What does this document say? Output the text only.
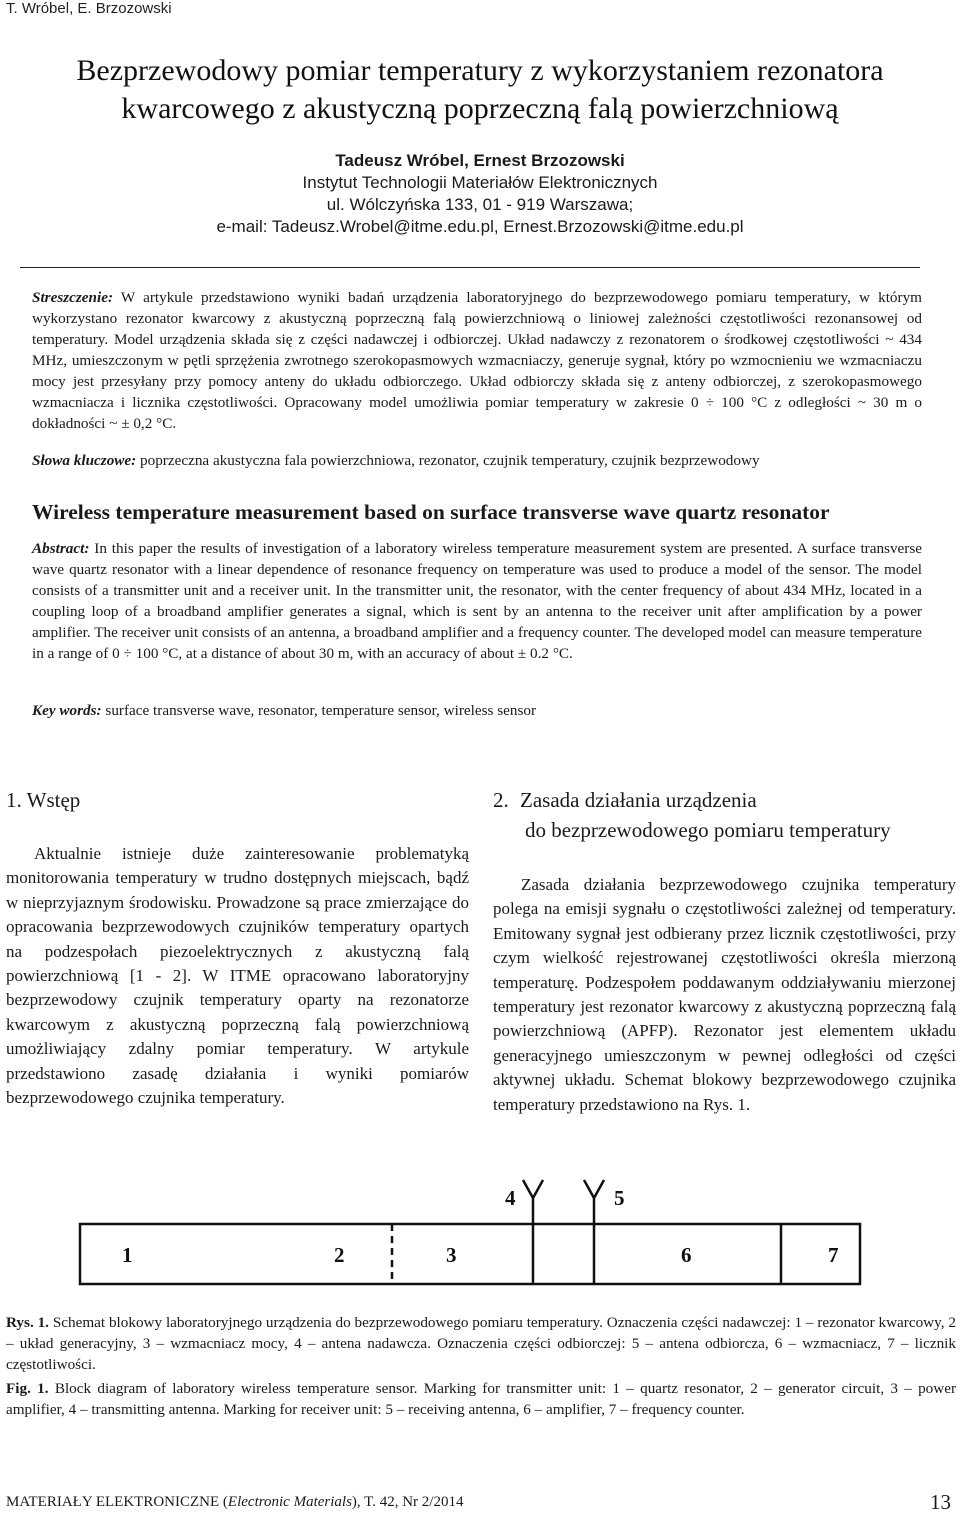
T. Wróbel, E. Brzozowski
Bezprzewodowy pomiar temperatury z wykorzystaniem rezonatora
kwarcowego z akustyczną poprzeczną falą powierzchniową
Tadeusz Wróbel, Ernest Brzozowski
Instytut Technologii Materiałów Elektronicznych
ul. Wólczyńska 133, 01 - 919 Warszawa;
e-mail: Tadeusz.Wrobel@itme.edu.pl, Ernest.Brzozowski@itme.edu.pl
Streszczenie: W artykule przedstawiono wyniki badań urządzenia laboratoryjnego do bezprzewodowego pomiaru temperatury, w którym wykorzystano rezonator kwarcowy z akustyczną poprzeczną falą powierzchniową o liniowej zależności częstotliwości rezonansowej od temperatury. Model urządzenia składa się z części nadawczej i odbiorczej. Układ nadawczy z rezonatorem o środkowej częstotliwości ~ 434 MHz, umieszczonym w pętli sprzężenia zwrotnego szerokopasmowych wzmacniaczy, generuje sygnał, który po wzmocnieniu we wzmacniaczu mocy jest przesyłany przy pomocy anteny do układu odbiorczego. Układ odbiorczy składa się z anteny odbiorczej, z szerokopasmowego wzmacniacza i licznika częstotliwości. Opracowany model umożliwia pomiar temperatury w zakresie 0 ÷ 100 °C z odległości ~ 30 m o dokładności ~ ± 0,2 °C.
Słowa kluczowe: poprzeczna akustyczna fala powierzchniowa, rezonator, czujnik temperatury, czujnik bezprzewodowy
Wireless temperature measurement based on surface transverse wave quartz resonator
Abstract: In this paper the results of investigation of a laboratory wireless temperature measurement system are presented. A surface transverse wave quartz resonator with a linear dependence of resonance frequency on temperature was used to produce a model of the sensor. The model consists of a transmitter unit and a receiver unit. In the transmitter unit, the resonator, with the center frequency of about 434 MHz, located in a coupling loop of a broadband amplifier generates a signal, which is sent by an antenna to the receiver unit after amplification by a power amplifier. The receiver unit consists of an antenna, a broadband amplifier and a frequency counter. The developed model can measure temperature in a range of 0 ÷ 100 °C, at a distance of about 30 m, with an accuracy of about ± 0.2 °C.
Key words: surface transverse wave, resonator, temperature sensor, wireless sensor
1. Wstęp

Aktualnie istnieje duże zainteresowanie problematyką monitorowania temperatury w trudno dostępnych miejscach, bądź w nieprzyjaznym środowisku. Prowadzone są prace zmierzające do opracowania bezprzewodowych czujników temperatury opartych na podzespołach piezoelektrycznych z akustyczną falą powierzchniową [1 - 2]. W ITME opracowano laboratoryjny bezprzewodowy czujnik temperatury oparty na rezonatorze kwarcowym z akustyczną poprzeczną falą powierzchniową umożliwiający zdalny pomiar temperatury. W artykule przedstawiono zasadę działania i wyniki pomiarów bezprzewodowego czujnika temperatury.

2. Zasada działania urządzenia
do bezprzewodowego pomiaru temperatury

Zasada działania bezprzewodowego czujnika temperatury polega na emisji sygnału o częstotliwości zależnej od temperatury. Emitowany sygnał jest odbierany przez licznik częstotliwości, przy czym wielkość rejestrowanej częstotliwości określa mierzoną temperaturę. Podzespołem poddawanym oddziaływaniu mierzonej temperatury jest rezonator kwarcowy z akustyczną poprzeczną falą powierzchniową (APFP). Rezonator jest elementem układu generacyjnego umieszczonym w pewnej odległości od części aktywnej układu. Schemat blokowy bezprzewodowego czujnika temperatury przedstawiono na Rys. 1.

1	2	3
4	5
6	7
Rys. 1. Schemat blokowy laboratoryjnego urządzenia do bezprzewodowego pomiaru temperatury. Oznaczenia części nadawczej: 1 – rezonator kwarcowy, 2 – układ generacyjny, 3 – wzmacniacz mocy, 4 – antena nadawcza. Oznaczenia części odbiorczej: 5 – antena odbiorcza, 6 – wzmacniacz, 7 – licznik częstotliwości.
Fig. 1. Block diagram of laboratory wireless temperature sensor. Marking for transmitter unit: 1 – quartz resonator, 2 – generator circuit, 3 – power amplifier, 4 – transmitting antenna. Marking for receiver unit: 5 – receiving antenna, 6 – amplifier, 7 – frequency counter.
MATERIAŁY ELEKTRONICZNE (Electronic Materials), T. 42, Nr 2/2014	13
